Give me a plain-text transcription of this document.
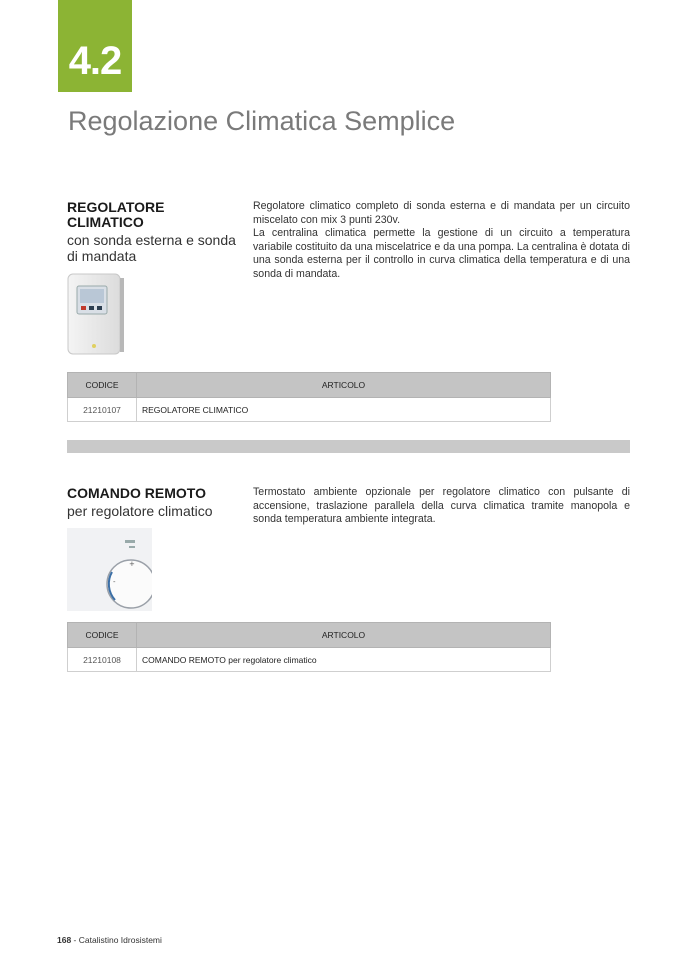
4.2
Regolazione Climatica Semplice
REGOLATORE CLIMATICO
con sonda esterna e sonda di mandata
Regolatore climatico completo di sonda esterna e di mandata per un circuito miscelato con mix 3 punti 230v.
La centralina climatica permette la gestione di un circuito a temperatura variabile costituito da una miscelatrice e da una pompa. La centralina è dotata di una sonda esterna per il controllo in curva climatica della temperatura e di una sonda di mandata.
CODICE	ARTICOLO
21210107	REGOLATORE CLIMATICO
COMANDO REMOTO
per regolatore climatico
Termostato ambiente opzionale per regolatore climatico con pulsante di accensione, traslazione parallela della curva climatica tramite manopola e sonda temperatura ambiente integrata.
+
-
CODICE	ARTICOLO
21210108	COMANDO REMOTO per regolatore climatico
168 - Catalistino Idrosistemi
